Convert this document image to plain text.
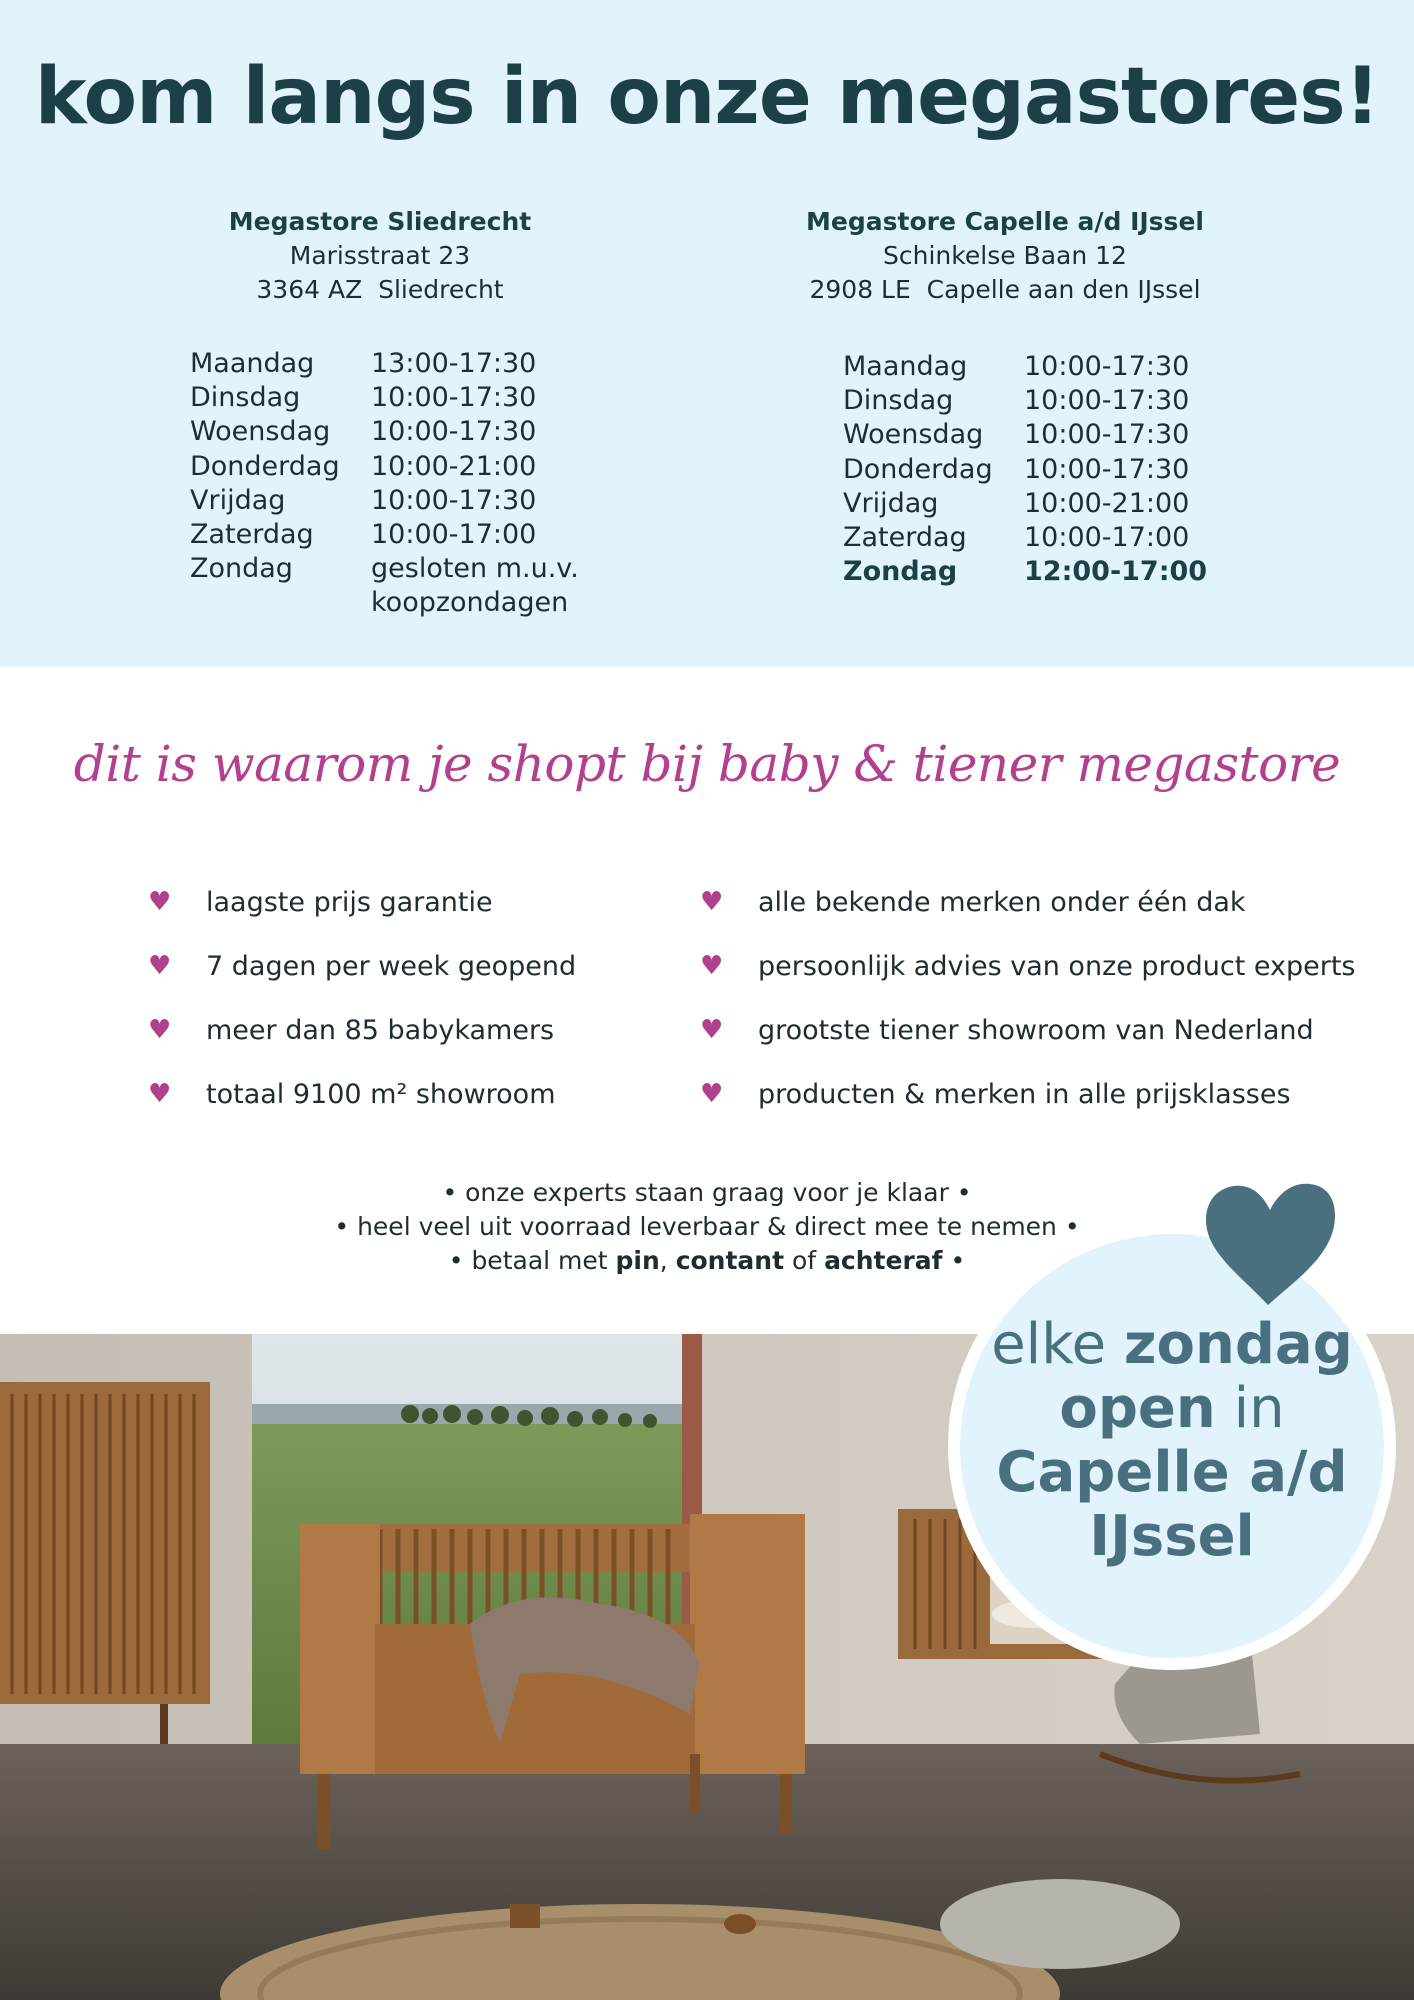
kom langs in onze megastores!
Megastore Sliedrecht
Marisstraat 23
3364 AZ  Sliedrecht
Megastore Capelle a/d IJssel
Schinkelse Baan 12
2908 LE  Capelle aan den IJssel
Maandag	13:00-17:30
Dinsdag	10:00-17:30
Woensdag	10:00-17:30
Donderdag	10:00-21:00
Vrijdag	10:00-17:30
Zaterdag	10:00-17:00
Zondag	gesloten m.u.v.
koopzondagen
Maandag	10:00-17:30
Dinsdag	10:00-17:30
Woensdag	10:00-17:30
Donderdag	10:00-17:30
Vrijdag	10:00-21:00
Zaterdag	10:00-17:00
Zondag	12:00-17:00
dit is waarom je shopt bij baby & tiener megastore
♥	laagste prijs garantie
♥	7 dagen per week geopend
♥	meer dan 85 babykamers
♥	totaal 9100 m² showroom
♥	alle bekende merken onder één dak
♥	persoonlijk advies van onze product experts
♥	grootste tiener showroom van Nederland
♥	producten & merken in alle prijsklasses
• onze experts staan graag voor je klaar •
• heel veel uit voorraad leverbaar & direct mee te nemen •
• betaal met pin, contant of achteraf •
elke zondag
open in
Capelle a/d
IJssel
